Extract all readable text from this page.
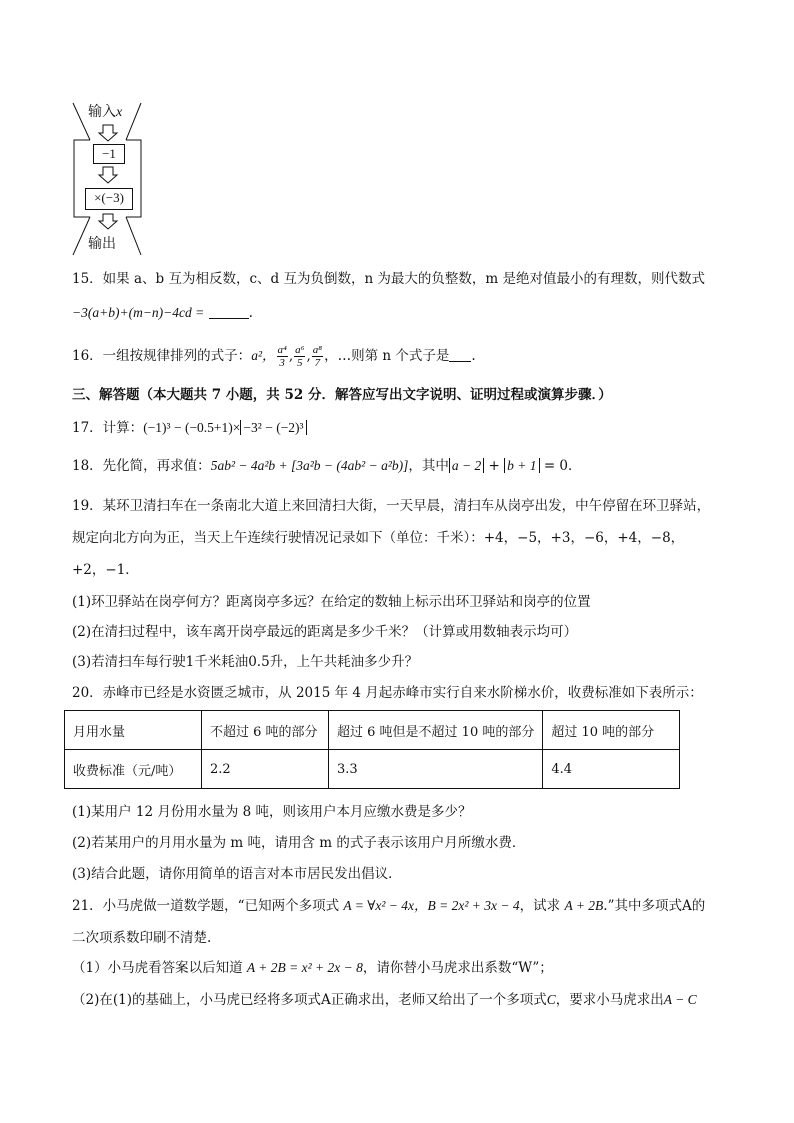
输入x
−1
×(−3)
输出
15．如果 a、b 互为相反数，c、d 互为负倒数，n 为最大的负整数，m 是绝对值最小的有理数，则代数式
−3(a+b)+(m−n)−4cd =	.
16．一组按规律排列的式子：a²， $\frac{\text{a⁴}}{3}$ , $\frac{\text{a⁶}}{5}$ , $\frac{\text{a⁸}}{7}$ ，…则第 n 个式子是 .
三、解答题（本大题共 7 小题，共 52 分．解答应写出文字说明、证明过程或演算步骤．）
17．计算：(−1)³ − (−0.5+1)× −3² − (−2)³
18．先化简，再求值：5ab² − 4a²b + [3a²b − (4ab² − a²b)]，其中 a − 2 + b + 1 = 0．
19．某环卫清扫车在一条南北大道上来回清扫大街，一天早晨，清扫车从岗亭出发，中午停留在环卫驿站，
规定向北方向为正，当天上午连续行驶情况记录如下（单位：千米）：+4，−5，+3，−6，+4，−8，
+2，−1．
(1)环卫驿站在岗亭何方？距离岗亭多远？在给定的数轴上标示出环卫驿站和岗亭的位置
(2)在清扫过程中，该车离开岗亭最远的距离是多少千米？（计算或用数轴表示均可）
(3)若清扫车每行驶1千米耗油0.5升，上午共耗油多少升？
20．赤峰市已经是水资匮乏城市，从 2015 年 4 月起赤峰市实行自来水阶梯水价，收费标准如下表所示：
月用水量	不超过 6 吨的部分	超过 6 吨但是不超过 10 吨的部分	超过 10 吨的部分
收费标准（元/吨）	2.2	3.3	4.4
(1)某用户 12 月份用水量为 8 吨，则该用户本月应缴水费是多少？
(2)若某用户的月用水量为 m 吨，请用含 m 的式子表示该用户月所缴水费．
(3)结合此题，请你用简单的语言对本市居民发出倡议．
21．小马虎做一道数学题，“已知两个多项式 A = ∀x² − 4x，B = 2x² + 3x − 4，试求 A + 2B.”其中多项式A的
二次项系数印刷不清楚.
（1）小马虎看答案以后知道 A + 2B = x² + 2x − 8，请你替小马虎求出系数“W”；
（2)在(1)的基础上，小马虎已经将多项式A正确求出，老师又给出了一个多项式C，要求小马虎求出A − C
